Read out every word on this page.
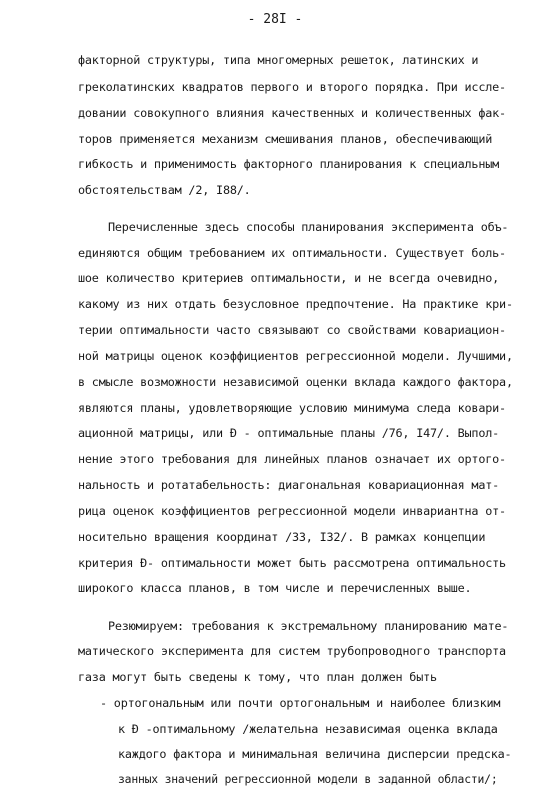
- 28I -
факторной структуры, типа многомерных решеток, латинских и
греколатинских квадратов первого и второго порядка. При иссле-
довании совокупного влияния качественных и количественных фак-
торов применяется механизм смешивания планов, обеспечивающий
гибкость и применимость факторного планирования к специальным
обстоятельствам /2, I88/.
Перечисленные здесь способы планирования эксперимента объ-
единяются общим требованием их оптимальности. Существует боль-
шое количество критериев оптимальности, и не всегда очевидно,
какому из них отдать безусловное предпочтение. На практике кри-
терии оптимальности часто связывают со свойствами ковариацион-
ной матрицы оценок коэффициентов регрессионной модели. Лучшими,
в смысле возможности независимой оценки вклада каждого фактора,
являются планы, удовлетворяющие условию минимума следа ковари-
ационной матрицы, или Ð - оптимальные планы /76, I47/. Выпол-
нение этого требования для линейных планов означает их ортого-
нальность и ротатабельность: диагональная ковариационная мат-
рица оценок коэффициентов регрессионной модели инвариантна от-
носительно вращения координат /33, I32/. В рамках концепции
критерия Ð- оптимальности может быть рассмотрена оптимальность
широкого класса планов, в том числе и перечисленных выше.
Резюмируем: требования к экстремальному планированию мате-
матического эксперимента для систем трубопроводного транспорта
газа могут быть сведены к тому, что план должен быть
- ортогональным или почти ортогональным и наиболее близким
к Ð -оптимальному /желательна независимая оценка вклада
каждого фактора и минимальная величина дисперсии предска-
занных значений регрессионной модели в заданной области/;
